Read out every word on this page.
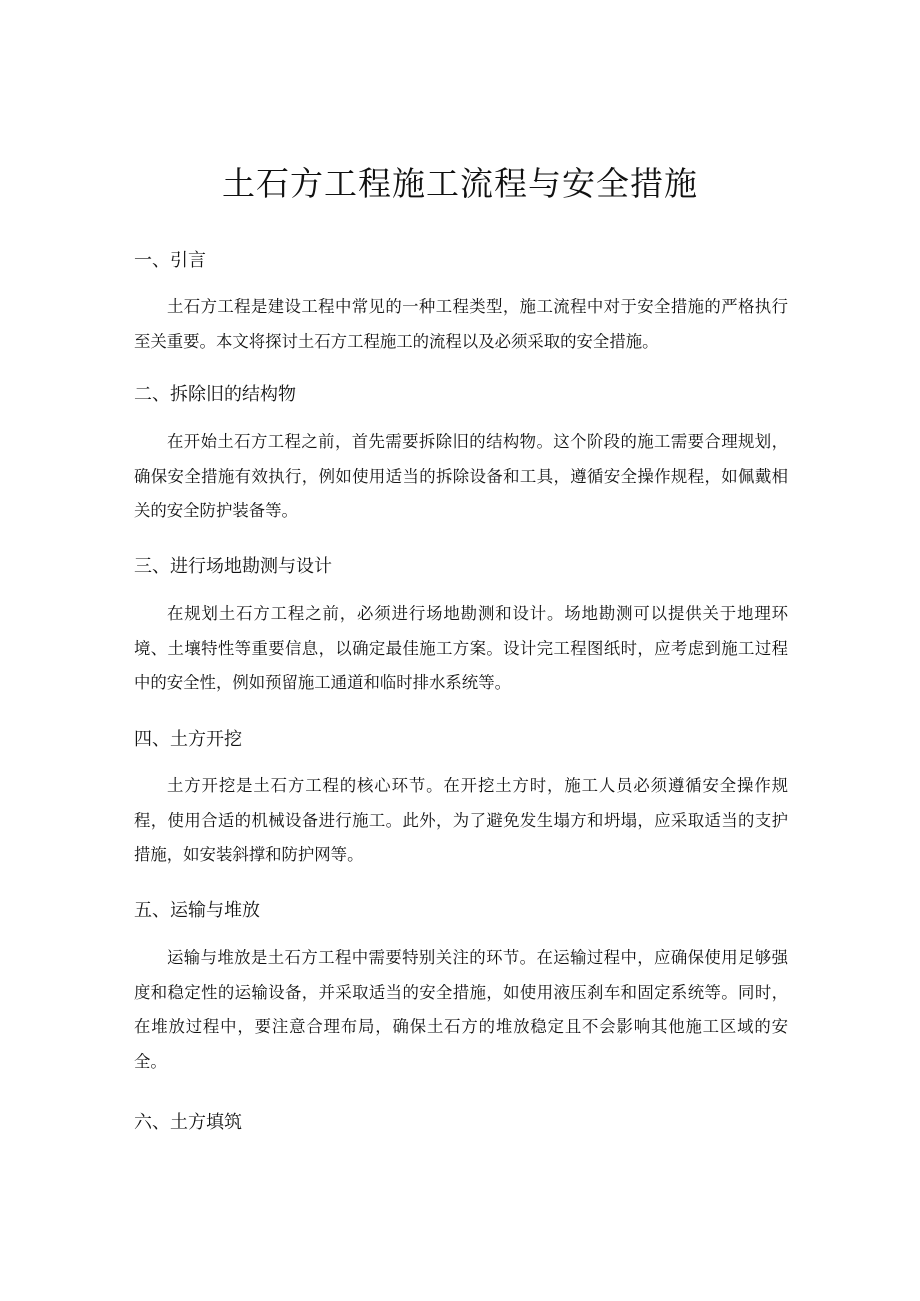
土石方工程施工流程与安全措施
一、引言

土石方工程是建设工程中常见的一种工程类型，施工流程中对于安全措施的严格执行至关重要。本文将探讨土石方工程施工的流程以及必须采取的安全措施。

二、拆除旧的结构物

在开始土石方工程之前，首先需要拆除旧的结构物。这个阶段的施工需要合理规划，确保安全措施有效执行，例如使用适当的拆除设备和工具，遵循安全操作规程，如佩戴相关的安全防护装备等。

三、进行场地勘测与设计

在规划土石方工程之前，必须进行场地勘测和设计。场地勘测可以提供关于地理环境、土壤特性等重要信息，以确定最佳施工方案。设计完工程图纸时，应考虑到施工过程中的安全性，例如预留施工通道和临时排水系统等。

四、土方开挖

土方开挖是土石方工程的核心环节。在开挖土方时，施工人员必须遵循安全操作规程，使用合适的机械设备进行施工。此外，为了避免发生塌方和坍塌，应采取适当的支护措施，如安装斜撑和防护网等。

五、运输与堆放

运输与堆放是土石方工程中需要特别关注的环节。在运输过程中，应确保使用足够强度和稳定性的运输设备，并采取适当的安全措施，如使用液压刹车和固定系统等。同时，在堆放过程中，要注意合理布局，确保土石方的堆放稳定且不会影响其他施工区域的安全。

六、土方填筑
